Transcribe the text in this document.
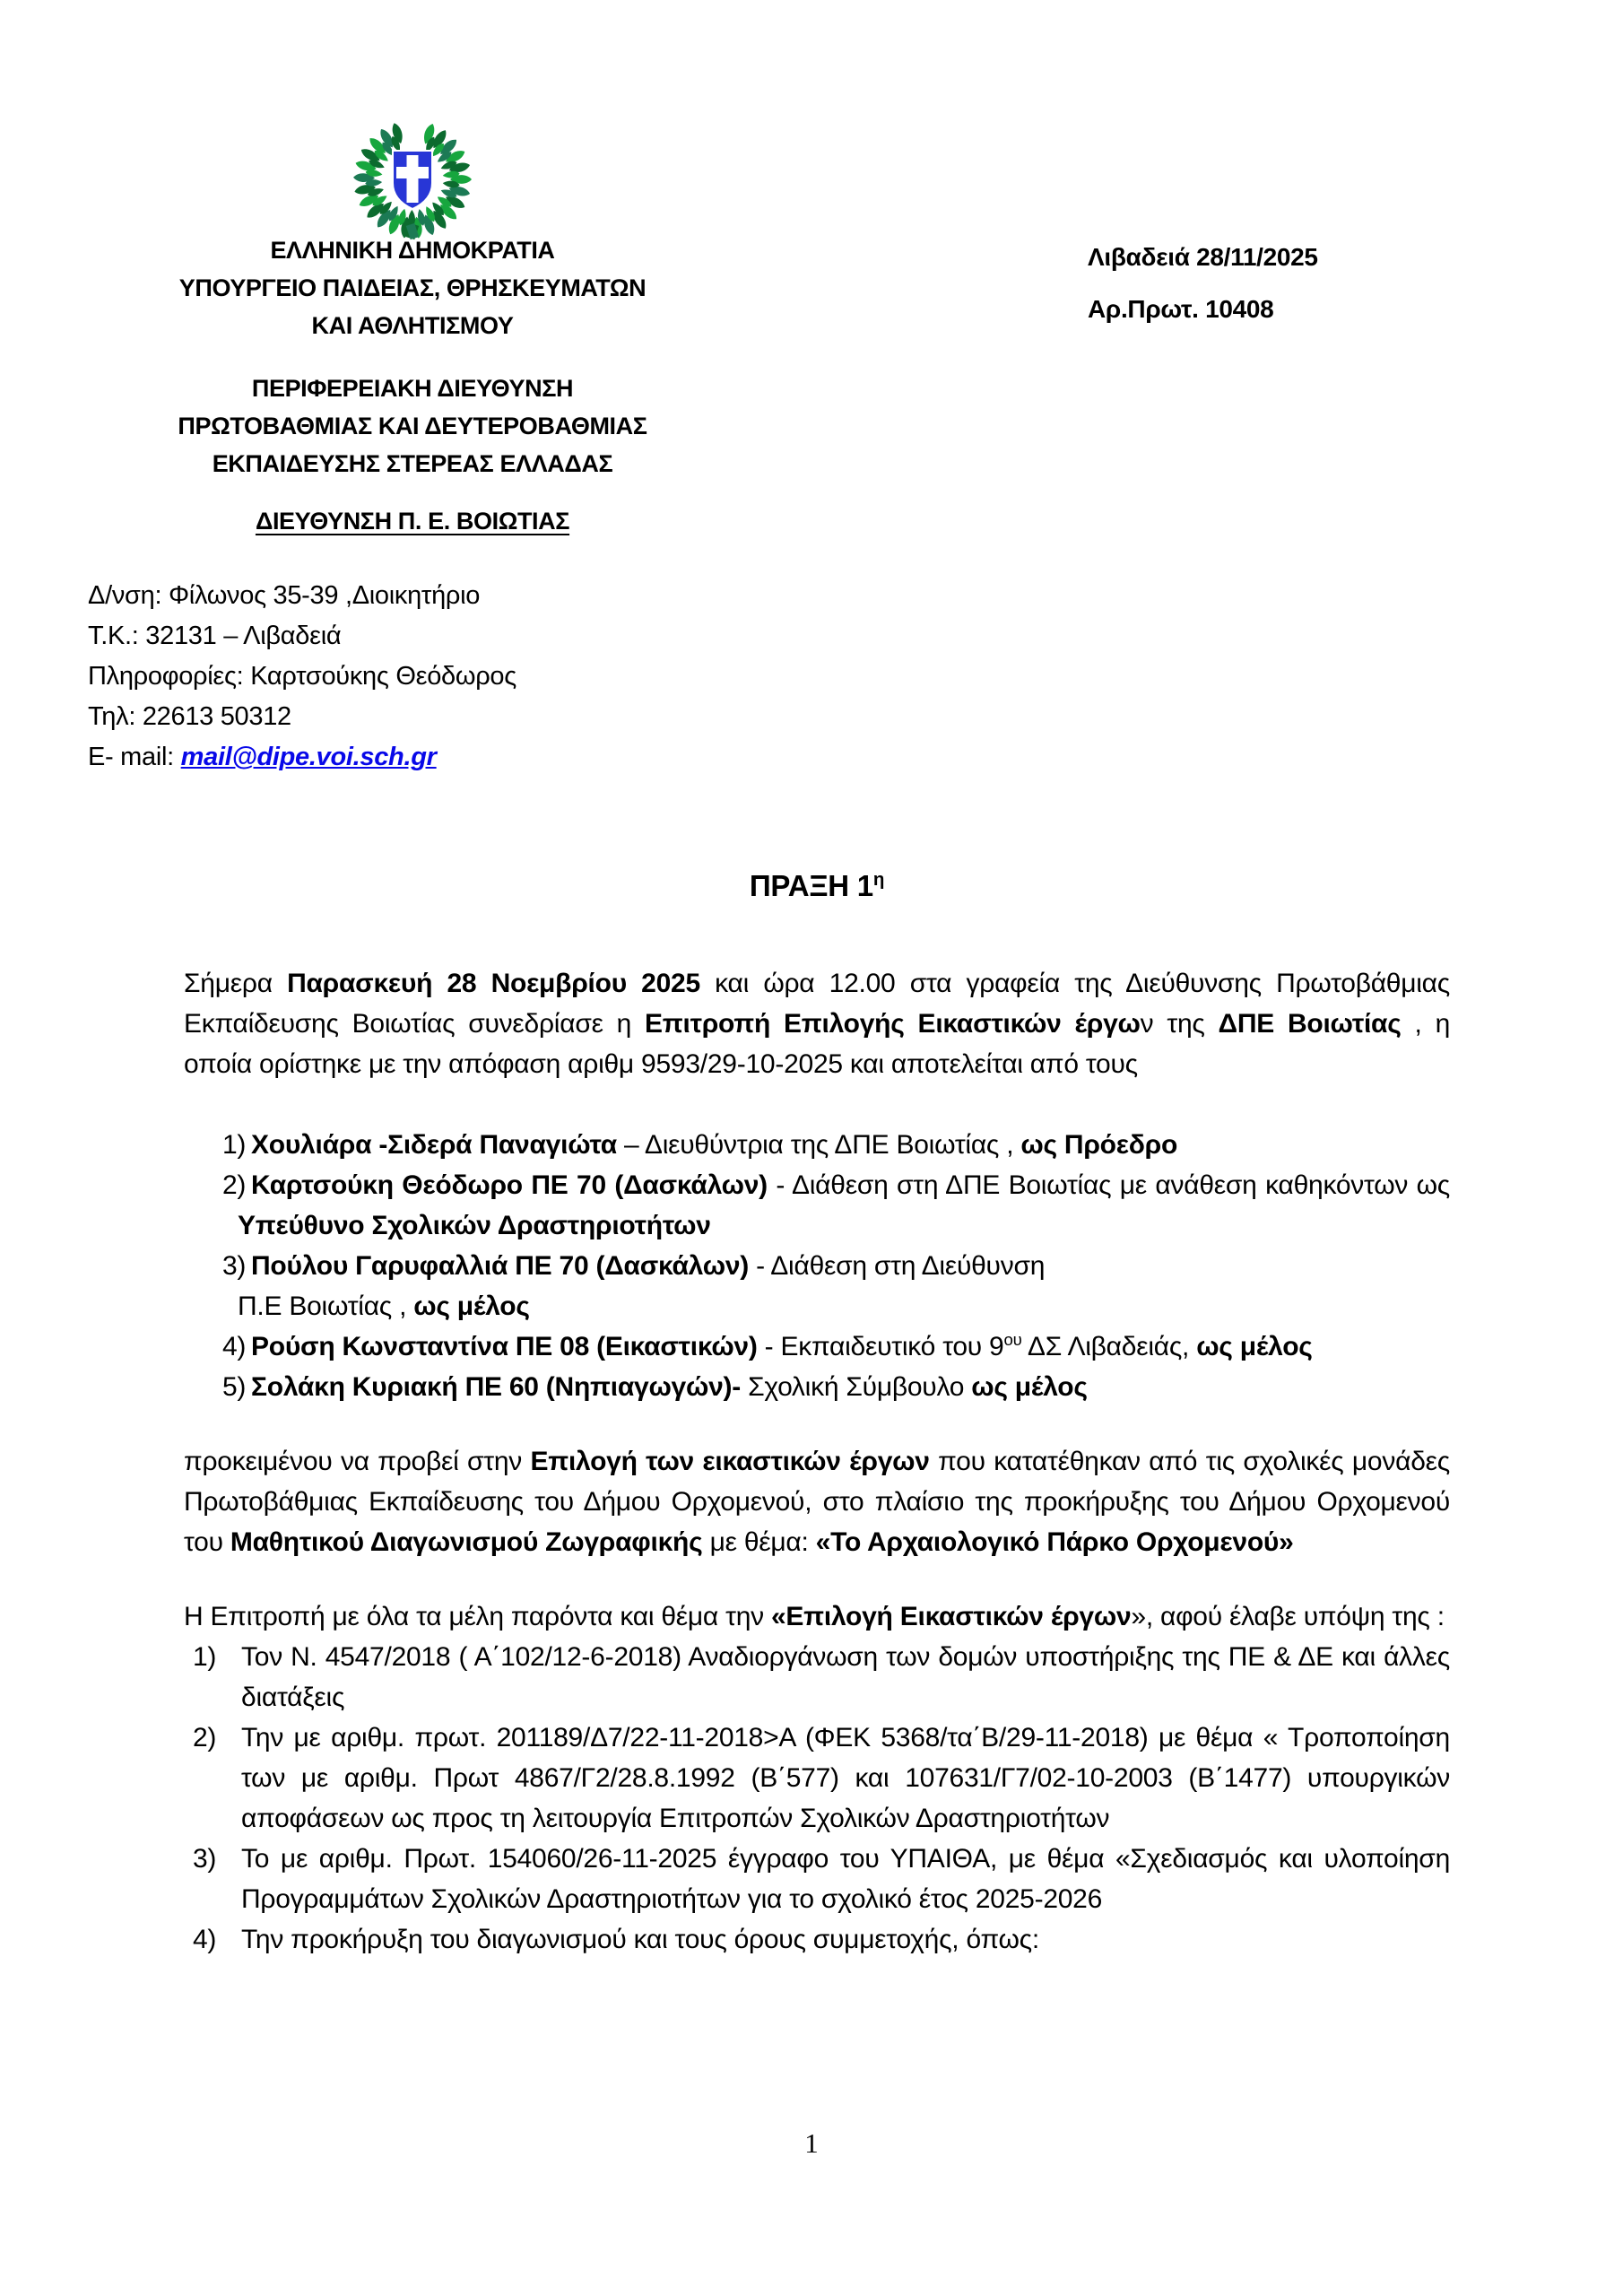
ΕΛΛΗΝΙΚΗ ΔΗΜΟΚΡΑΤΙΑ
ΥΠΟΥΡΓΕΙΟ ΠΑΙΔΕΙΑΣ, ΘΡΗΣΚΕΥΜΑΤΩΝ
ΚΑΙ ΑΘΛΗΤΙΣΜΟΥ
ΠΕΡΙΦΕΡΕΙΑΚΗ ΔΙΕΥΘΥΝΣΗ
ΠΡΩΤΟΒΑΘΜΙΑΣ ΚΑΙ ΔΕΥΤΕΡΟΒΑΘΜΙΑΣ
ΕΚΠΑΙΔΕΥΣΗΣ ΣΤΕΡΕΑΣ ΕΛΛΑΔΑΣ
ΔΙΕΥΘΥΝΣΗ Π. Ε. ΒΟΙΩΤΙΑΣ
Λιβαδειά 28/11/2025
Αρ.Πρωτ. 10408
Δ/νση: Φίλωνος 35-39 ,Διοικητήριο
Τ.Κ.: 32131 – Λιβαδειά
Πληροφορίες: Καρτσούκης Θεόδωρος
Τηλ: 22613 50312
E- mail: mail@dipe.voi.sch.gr
ΠΡΑΞΗ $1^\eta$

Σήμερα Παρασκευή 28 Νοεμβρίου 2025 και ώρα 12.00 στα γραφεία της Διεύθυνσης Πρωτοβάθμιας Εκπαίδευσης Βοιωτίας συνεδρίασε η Επιτροπή Επιλογής Εικαστικών έργων της ΔΠΕ Βοιωτίας , η οποία ορίστηκε με την απόφαση αριθμ 9593/29-10-2025 και αποτελείται από τους

1) Χουλιάρα -Σιδερά Παναγιώτα – Διευθύντρια της ΔΠΕ Βοιωτίας , ως Πρόεδρο
2) Καρτσούκη Θεόδωρο ΠΕ 70 (Δασκάλων) - Διάθεση στη ΔΠΕ Βοιωτίας με ανάθεση καθηκόντων ως Υπεύθυνο Σχολικών Δραστηριοτήτων
3) Πούλου Γαρυφαλλιά ΠΕ 70 (Δασκάλων) - Διάθεση στη Διεύθυνση
Π.Ε Βοιωτίας , ως μέλος
4) Ρούση Κωνσταντίνα ΠΕ 08 (Εικαστικών) - Εκπαιδευτικό του $9^{o\upsilon}$ ΔΣ Λιβαδειάς, ως μέλος
5) Σολάκη Κυριακή ΠΕ 60 (Νηπιαγωγών)- Σχολική Σύμβουλο ως μέλος

προκειμένου να προβεί στην Επιλογή των εικαστικών έργων που κατατέθηκαν από τις σχολικές μονάδες Πρωτοβάθμιας Εκπαίδευσης του Δήμου Ορχομενού, στο πλαίσιο της προκήρυξης του Δήμου Ορχομενού του Μαθητικού Διαγωνισμού Ζωγραφικής με θέμα: «Το Αρχαιολογικό Πάρκο Ορχομενού»

Η Επιτροπή με όλα τα μέλη παρόντα και θέμα την «Επιλογή Εικαστικών έργων», αφού έλαβε υπόψη της :

1) Τον Ν. 4547/2018 ( Α΄102/12-6-2018) Αναδιοργάνωση των δομών υποστήριξης της ΠΕ & ΔΕ και άλλες διατάξεις
2) Την με αριθμ. πρωτ. 201189/Δ7/22-11-2018>Α (ΦΕΚ 5368/τα΄Β/29-11-2018) με θέμα « Τροποποίηση των με αριθμ. Πρωτ 4867/Γ2/28.8.1992 (Β΄577) και 107631/Γ7/02-10-2003 (Β΄1477) υπουργικών αποφάσεων ως προς τη λειτουργία Επιτροπών Σχολικών Δραστηριοτήτων
3) Το με αριθμ. Πρωτ. 154060/26-11-2025 έγγραφο του ΥΠΑΙΘΑ, με θέμα «Σχεδιασμός και υλοποίηση Προγραμμάτων Σχολικών Δραστηριοτήτων για το σχολικό έτος 2025-2026
4) Την προκήρυξη του διαγωνισμού και τους όρους συμμετοχής, όπως:
1
